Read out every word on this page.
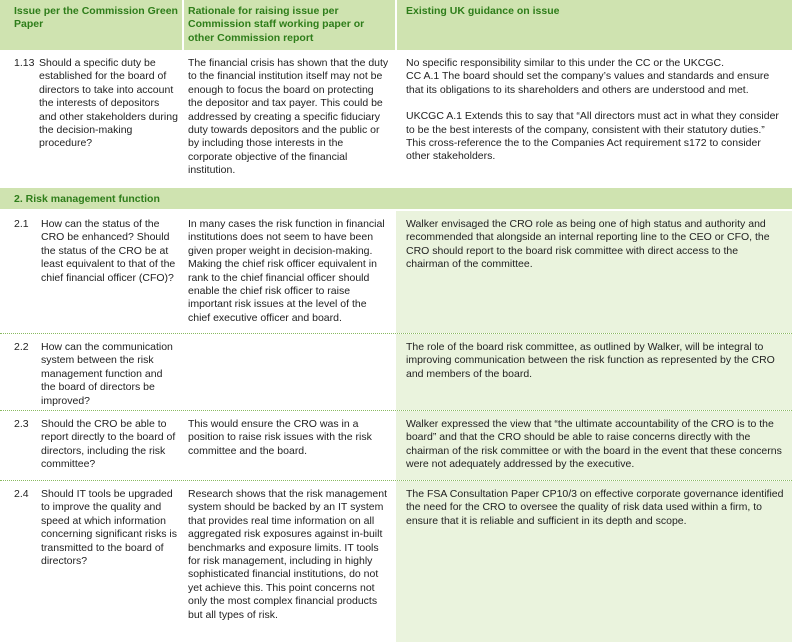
Issue per the Commission Green Paper
Rationale for raising issue per Commission staff working paper or other Commission report
Existing UK guidance on issue
1.13 Should a specific duty be established for the board of directors to take into account the interests of depositors and other stakeholders during the decision-making procedure?
The financial crisis has shown that the duty to the financial institution itself may not be enough to focus the board on protecting the depositor and tax payer. This could be addressed by creating a specific fiduciary duty towards depositors and the public or by including those interests in the corporate objective of the financial institution.

No specific responsibility similar to this under the CC or the UKCGC.

CC A.1 The board should set the company’s values and standards and ensure that its obligations to its shareholders and others are understood and met.

UKCGC A.1 Extends this to say that “All directors must act in what they consider to be the best interests of the company, consistent with their statutory duties.” This cross-reference the to the Companies Act requirement s172 to consider other stakeholders.

2. Risk management function
2.1 How can the status of the CRO be enhanced? Should the status of the CRO be at least equivalent to that of the chief financial officer (CFO)?
In many cases the risk function in financial institutions does not seem to have been given proper weight in decision-making. Making the chief risk officer equivalent in rank to the chief financial officer should enable the chief risk officer to raise important risk issues at the level of the chief executive officer and board.
Walker envisaged the CRO role as being one of high status and authority and recommended that alongside an internal reporting line to the CEO or CFO, the CRO should report to the board risk committee with direct access to the chairman of the committee.
2.2 How can the communication system between the risk management function and the board of directors be improved?
The role of the board risk committee, as outlined by Walker, will be integral to improving communication between the risk function as represented by the CRO and members of the board.
2.3 Should the CRO be able to report directly to the board of directors, including the risk committee?
This would ensure the CRO was in a position to raise risk issues with the risk committee and the board.
Walker expressed the view that “the ultimate accountability of the CRO is to the board” and that the CRO should be able to raise concerns directly with the chairman of the risk committee or with the board in the event that these concerns were not adequately addressed by the executive.
2.4 Should IT tools be upgraded to improve the quality and speed at which information concerning significant risks is transmitted to the board of directors?
Research shows that the risk management system should be backed by an IT system that provides real time information on all aggregated risk exposures against in-built benchmarks and exposure limits. IT tools for risk management, including in highly sophisticated financial institutions, do not yet achieve this. This point concerns not only the most complex financial products but all types of risk.
The FSA Consultation Paper CP10/3 on effective corporate governance identified the need for the CRO to oversee the quality of risk data used within a firm, to ensure that it is reliable and sufficient in its depth and scope.
